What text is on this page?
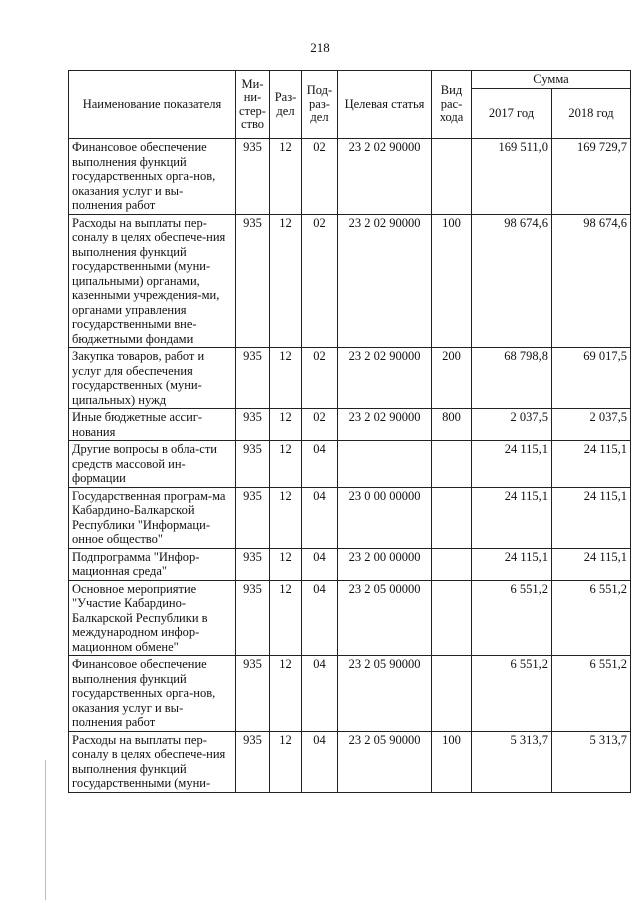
218
Наименование показателя	Ми-ни-стер-ство	Раз-дел	Под-раз-дел	Целевая статья	Вид рас-хода	Сумма	
						2017 год	2018 год
Финансовое обеспечение выполнения функций государственных орга-нов, оказания услуг и вы-полнения работ	935	12	02	23 2 02 90000		169 511,0	169 729,7
Расходы на выплаты пер-соналу в целях обеспече-ния выполнения функций государственными (муни-ципальными) органами, казенными учреждения-ми, органами управления государственными вне-бюджетными фондами	935	12	02	23 2 02 90000	100	98 674,6	98 674,6
Закупка товаров, работ и услуг для обеспечения государственных (муни-ципальных) нужд	935	12	02	23 2 02 90000	200	68 798,8	69 017,5
Иные бюджетные ассиг-нования	935	12	02	23 2 02 90000	800	2 037,5	2 037,5
Другие вопросы в обла-сти средств массовой ин-формации	935	12	04			24 115,1	24 115,1
Государственная програм-ма Кабардино-Балкарской Республики "Информаци-онное общество"	935	12	04	23 0 00 00000		24 115,1	24 115,1
Подпрограмма "Инфор-мационная среда"	935	12	04	23 2 00 00000		24 115,1	24 115,1
Основное мероприятие "Участие Кабардино-Балкарской Республики в международном инфор-мационном обмене"	935	12	04	23 2 05 00000		6 551,2	6 551,2
Финансовое обеспечение выполнения функций государственных орга-нов, оказания услуг и вы-полнения работ	935	12	04	23 2 05 90000		6 551,2	6 551,2
Расходы на выплаты пер-соналу в целях обеспече-ния выполнения функций государственными (муни-	935	12	04	23 2 05 90000	100	5 313,7	5 313,7
